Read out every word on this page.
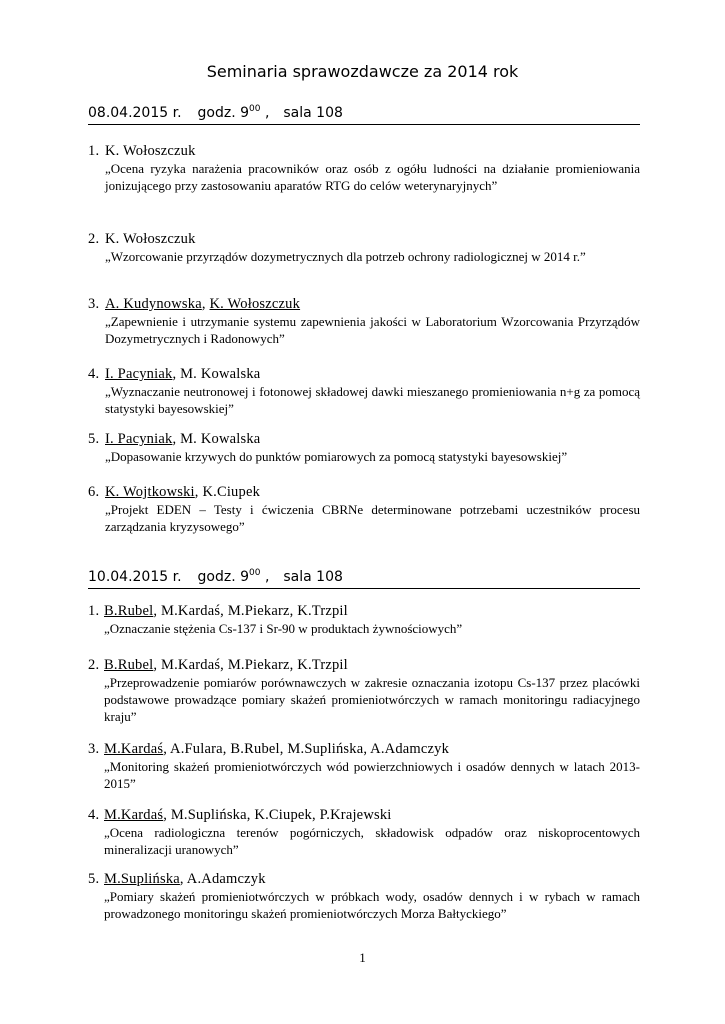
Seminaria sprawozdawcze za 2014 rok
08.04.2015 r. godz. $9^{00}$ , sala 108
1. K. Wołoszczuk
„Ocena ryzyka narażenia pracowników oraz osób z ogółu ludności na działanie promieniowania jonizującego przy zastosowaniu aparatów RTG do celów weterynaryjnych”
2. K. Wołoszczuk
„Wzorcowanie przyrządów dozymetrycznych dla potrzeb ochrony radiologicznej w 2014 r.”
3. A. Kudynowska, K. Wołoszczuk
„Zapewnienie i utrzymanie systemu zapewnienia jakości w Laboratorium Wzorcowania Przyrządów Dozymetrycznych i Radonowych”
4. I. Pacyniak, M. Kowalska
„Wyznaczanie neutronowej i fotonowej składowej dawki mieszanego promieniowania n+g za pomocą statystyki bayesowskiej”
5. I. Pacyniak, M. Kowalska
„Dopasowanie krzywych do punktów pomiarowych za pomocą statystyki bayesowskiej”
6. K. Wojtkowski, K.Ciupek
„Projekt EDEN – Testy i ćwiczenia CBRNe determinowane potrzebami uczestników procesu zarządzania kryzysowego”
10.04.2015 r. godz. $9^{00}$ , sala 108
1. B.Rubel, M.Kardaś, M.Piekarz, K.Trzpil
„Oznaczanie stężenia Cs-137 i Sr-90 w produktach żywnościowych”
2. B.Rubel, M.Kardaś, M.Piekarz, K.Trzpil
„Przeprowadzenie pomiarów porównawczych w zakresie oznaczania izotopu Cs-137 przez placówki podstawowe prowadzące pomiary skażeń promieniotwórczych w ramach monitoringu radiacyjnego kraju”
3. M.Kardaś, A.Fulara, B.Rubel, M.Suplińska, A.Adamczyk
„Monitoring skażeń promieniotwórczych wód powierzchniowych i osadów dennych w latach 2013-2015”
4. M.Kardaś, M.Suplińska, K.Ciupek, P.Krajewski
„Ocena radiologiczna terenów pogórniczych, składowisk odpadów oraz niskoprocentowych mineralizacji uranowych”
5. M.Suplińska, A.Adamczyk
„Pomiary skażeń promieniotwórczych w próbkach wody, osadów dennych i w rybach w ramach prowadzonego monitoringu skażeń promieniotwórczych Morza Bałtyckiego”
1
